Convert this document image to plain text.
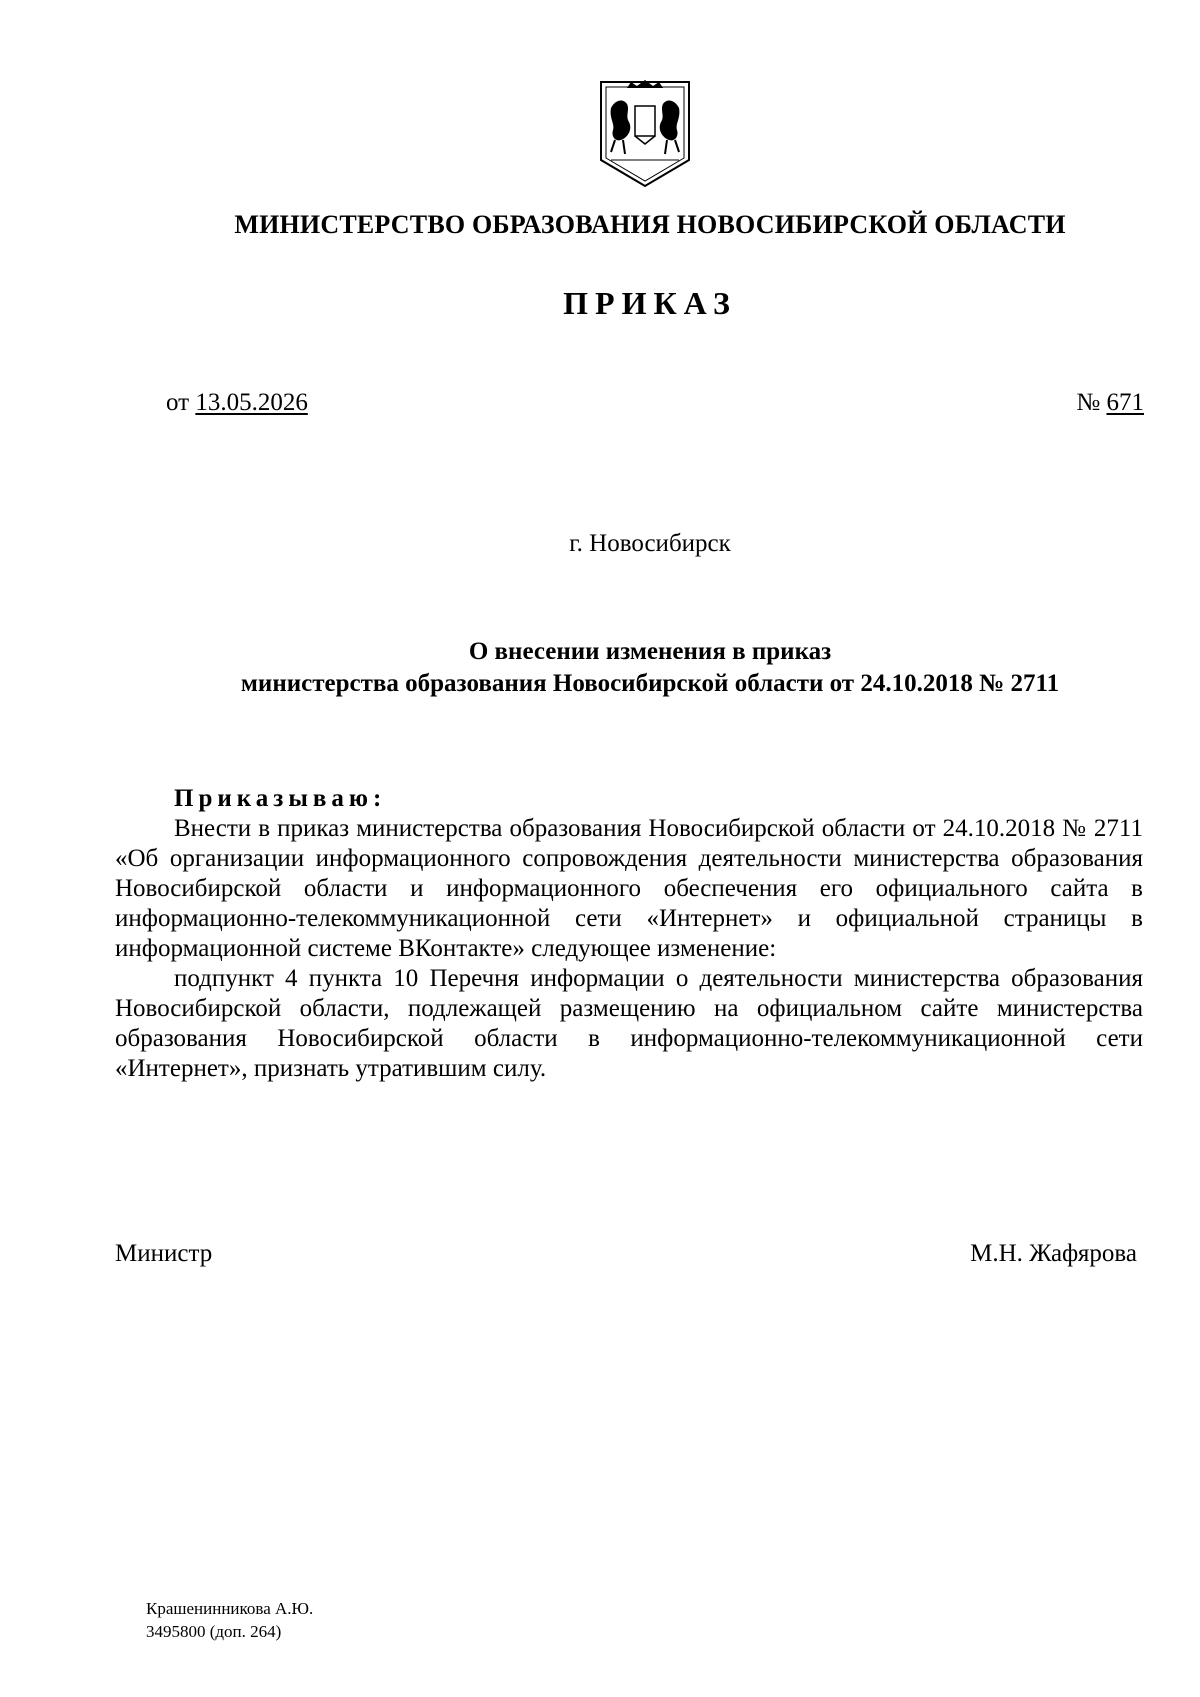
МИНИСТЕРСТВО ОБРАЗОВАНИЯ НОВОСИБИРСКОЙ ОБЛАСТИ
ПРИКАЗ
от 13.05.2026	№ 671
г. Новосибирск
О внесении изменения в приказ
министерства образования Новосибирской области от 24.10.2018 № 2711

Приказываю:

Внести в приказ министерства образования Новосибирской области от 24.10.2018 № 2711 «Об организации информационного сопровождения деятельности министерства образования Новосибирской области и информационного обеспечения его официального сайта в информационно-телекоммуникационной сети «Интернет» и официальной страницы в информационной системе ВКонтакте» следующее изменение:

подпункт 4 пункта 10 Перечня информации о деятельности министерства образования Новосибирской области, подлежащей размещению на официальном сайте министерства образования Новосибирской области в информационно-телекоммуникационной сети «Интернет», признать утратившим силу.

Министр	М.Н. Жафярова
Крашенинникова А.Ю.
3495800 (доп. 264)
